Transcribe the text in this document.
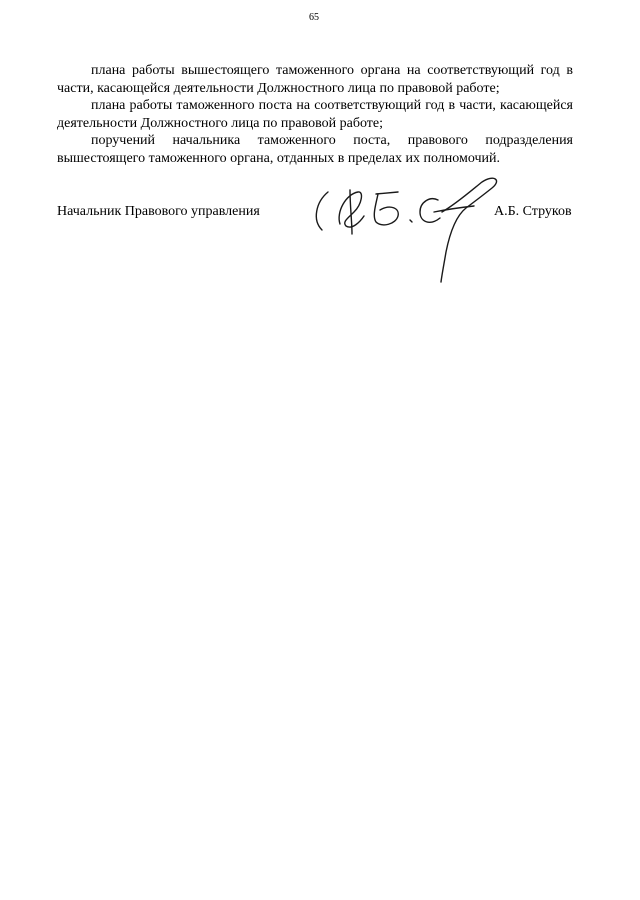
65

плана работы вышестоящего таможенного органа на соответствующий год в части, касающейся деятельности Должностного лица по правовой работе;

плана работы таможенного поста на соответствующий год в части, касающейся деятельности Должностного лица по правовой работе;

поручений начальника таможенного поста, правового подразделения вышестоящего таможенного органа, отданных в пределах их полномочий.

Начальник Правового управления	А.Б. Струков
